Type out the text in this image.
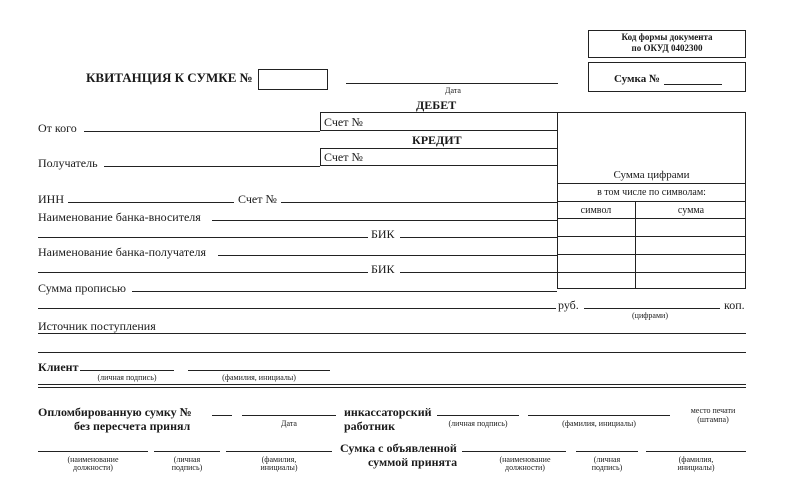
Код формы документа
по ОКУД 0402300
Сумка №
КВИТАНЦИЯ К СУМКЕ №
Дата
ДЕБЕТ
Счет №
От кого
КРЕДИТ
Счет №
Получатель
Сумма цифрами
в том числе по символам:
символ	сумма
ИНН	Счет №
Наименование банка-вносителя
БИК
Наименование банка-получателя
БИК
Сумма прописью
руб.	коп.
(цифрами)
Источник поступления
Клиент
(личная подпись)	(фамилия, инициалы)
Опломбированную сумку №
без пересчета принял	Дата
инкассаторский
работник	(личная подпись)	(фамилия, инициалы)
место печати
(штампа)
Сумка с объявленной
суммой принята
(наименование
должности)
(личная
подпись)
(фамилия,
инициалы)
(наименование
должности)
(личная
подпись)
(фамилия,
инициалы)
